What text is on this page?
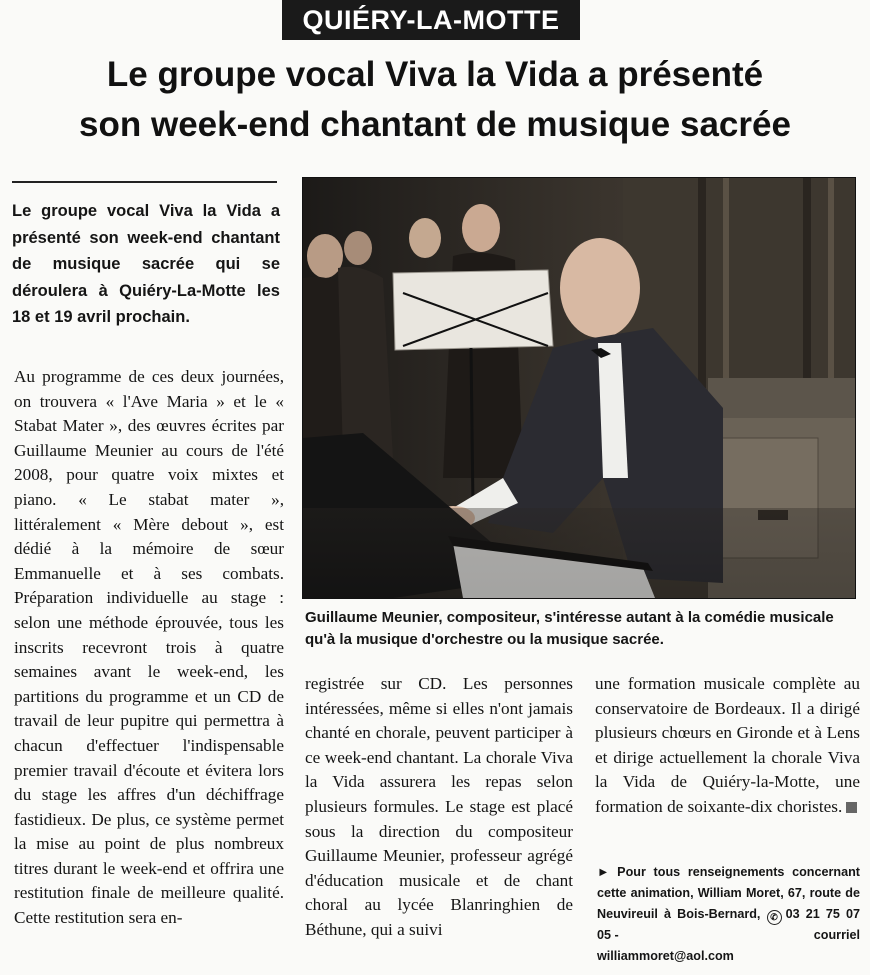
QUIÉRY-LA-MOTTE
Le groupe vocal Viva la Vida a présenté
son week-end chantant de musique sacrée

Le groupe vocal Viva la Vida a présenté son week-end chantant de musique sacrée qui se déroulera à Quiéry-La-Motte les 18 et 19 avril prochain.

Au programme de ces deux journées, on trouvera « l'Ave Maria » et le « Stabat Mater », des œuvres écrites par Guillaume Meunier au cours de l'été 2008, pour quatre voix mixtes et piano. « Le stabat mater », littéralement « Mère debout », est dédié à la mémoire de sœur Emmanuelle et à ses combats. Préparation individuelle au stage : selon une méthode éprouvée, tous les inscrits recevront trois à quatre semaines avant le week-end, les partitions du programme et un CD de travail de leur pupitre qui permettra à chacun d'effectuer l'indispensable premier travail d'écoute et évitera lors du stage les affres d'un déchiffrage fastidieux. De plus, ce système permet la mise au point de plus nombreux titres durant le week-end et offrira une restitution finale de meilleure qualité. Cette restitution sera en-

Guillaume Meunier, compositeur, s'intéresse autant à la comédie musicale qu'à la musique d'orchestre ou la musique sacrée.

registrée sur CD. Les personnes intéressées, même si elles n'ont jamais chanté en chorale, peuvent participer à ce week-end chantant. La chorale Viva la Vida assurera les repas selon plusieurs formules. Le stage est placé sous la direction du compositeur Guillaume Meunier, professeur agrégé d'éducation musicale et de chant choral au lycée Blanringhien de Béthune, qui a suivi

une formation musicale complète au conservatoire de Bordeaux. Il a dirigé plusieurs chœurs en Gironde et à Lens et dirige actuellement la chorale Viva la Vida de Quiéry-la-Motte, une formation de soixante-dix choristes.

► Pour tous renseignements concernant cette animation, William Moret, 67, route de Neuvireuil à Bois-Bernard, ✆ 03 21 75 07 05 -	courriel

williammoret@aol.com
